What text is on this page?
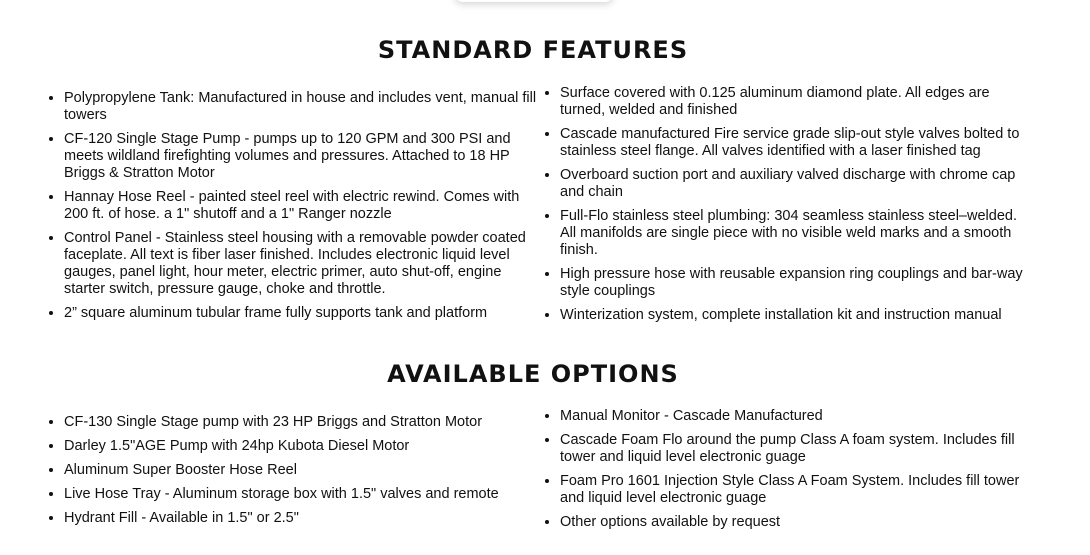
STANDARD FEATURES
• Polypropylene Tank: Manufactured in house and includes vent, manual fill towers
• CF-120 Single Stage Pump - pumps up to 120 GPM and 300 PSI and meets wildland firefighting volumes and pressures. Attached to 18 HP Briggs & Stratton Motor
• Hannay Hose Reel - painted steel reel with electric rewind. Comes with 200 ft. of hose. a 1" shutoff and a 1" Ranger nozzle
• Control Panel - Stainless steel housing with a removable powder coated faceplate. All text is fiber laser finished. Includes electronic liquid level gauges, panel light, hour meter, electric primer, auto shut-off, engine starter switch, pressure gauge, choke and throttle.
• 2” square aluminum tubular frame fully supports tank and platform
• Surface covered with 0.125 aluminum diamond plate. All edges are turned, welded and finished
• Cascade manufactured Fire service grade slip-out style valves bolted to stainless steel flange. All valves identified with a laser finished tag
• Overboard suction port and auxiliary valved discharge with chrome cap and chain
• Full-Flo stainless steel plumbing: 304 seamless stainless steel–welded. All manifolds are single piece with no visible weld marks and a smooth finish.
• High pressure hose with reusable expansion ring couplings and bar-way style couplings
• Winterization system, complete installation kit and instruction manual
AVAILABLE OPTIONS
• CF-130 Single Stage pump with 23 HP Briggs and Stratton Motor
• Darley 1.5"AGE Pump with 24hp Kubota Diesel Motor
• Aluminum Super Booster Hose Reel
• Live Hose Tray - Aluminum storage box with 1.5" valves and remote
• Hydrant Fill - Available in 1.5" or 2.5"
• Manual Monitor - Cascade Manufactured
• Cascade Foam Flo around the pump Class A foam system. Includes fill tower and liquid level electronic guage
• Foam Pro 1601 Injection Style Class A Foam System. Includes fill tower and liquid level electronic guage
• Other options available by request
